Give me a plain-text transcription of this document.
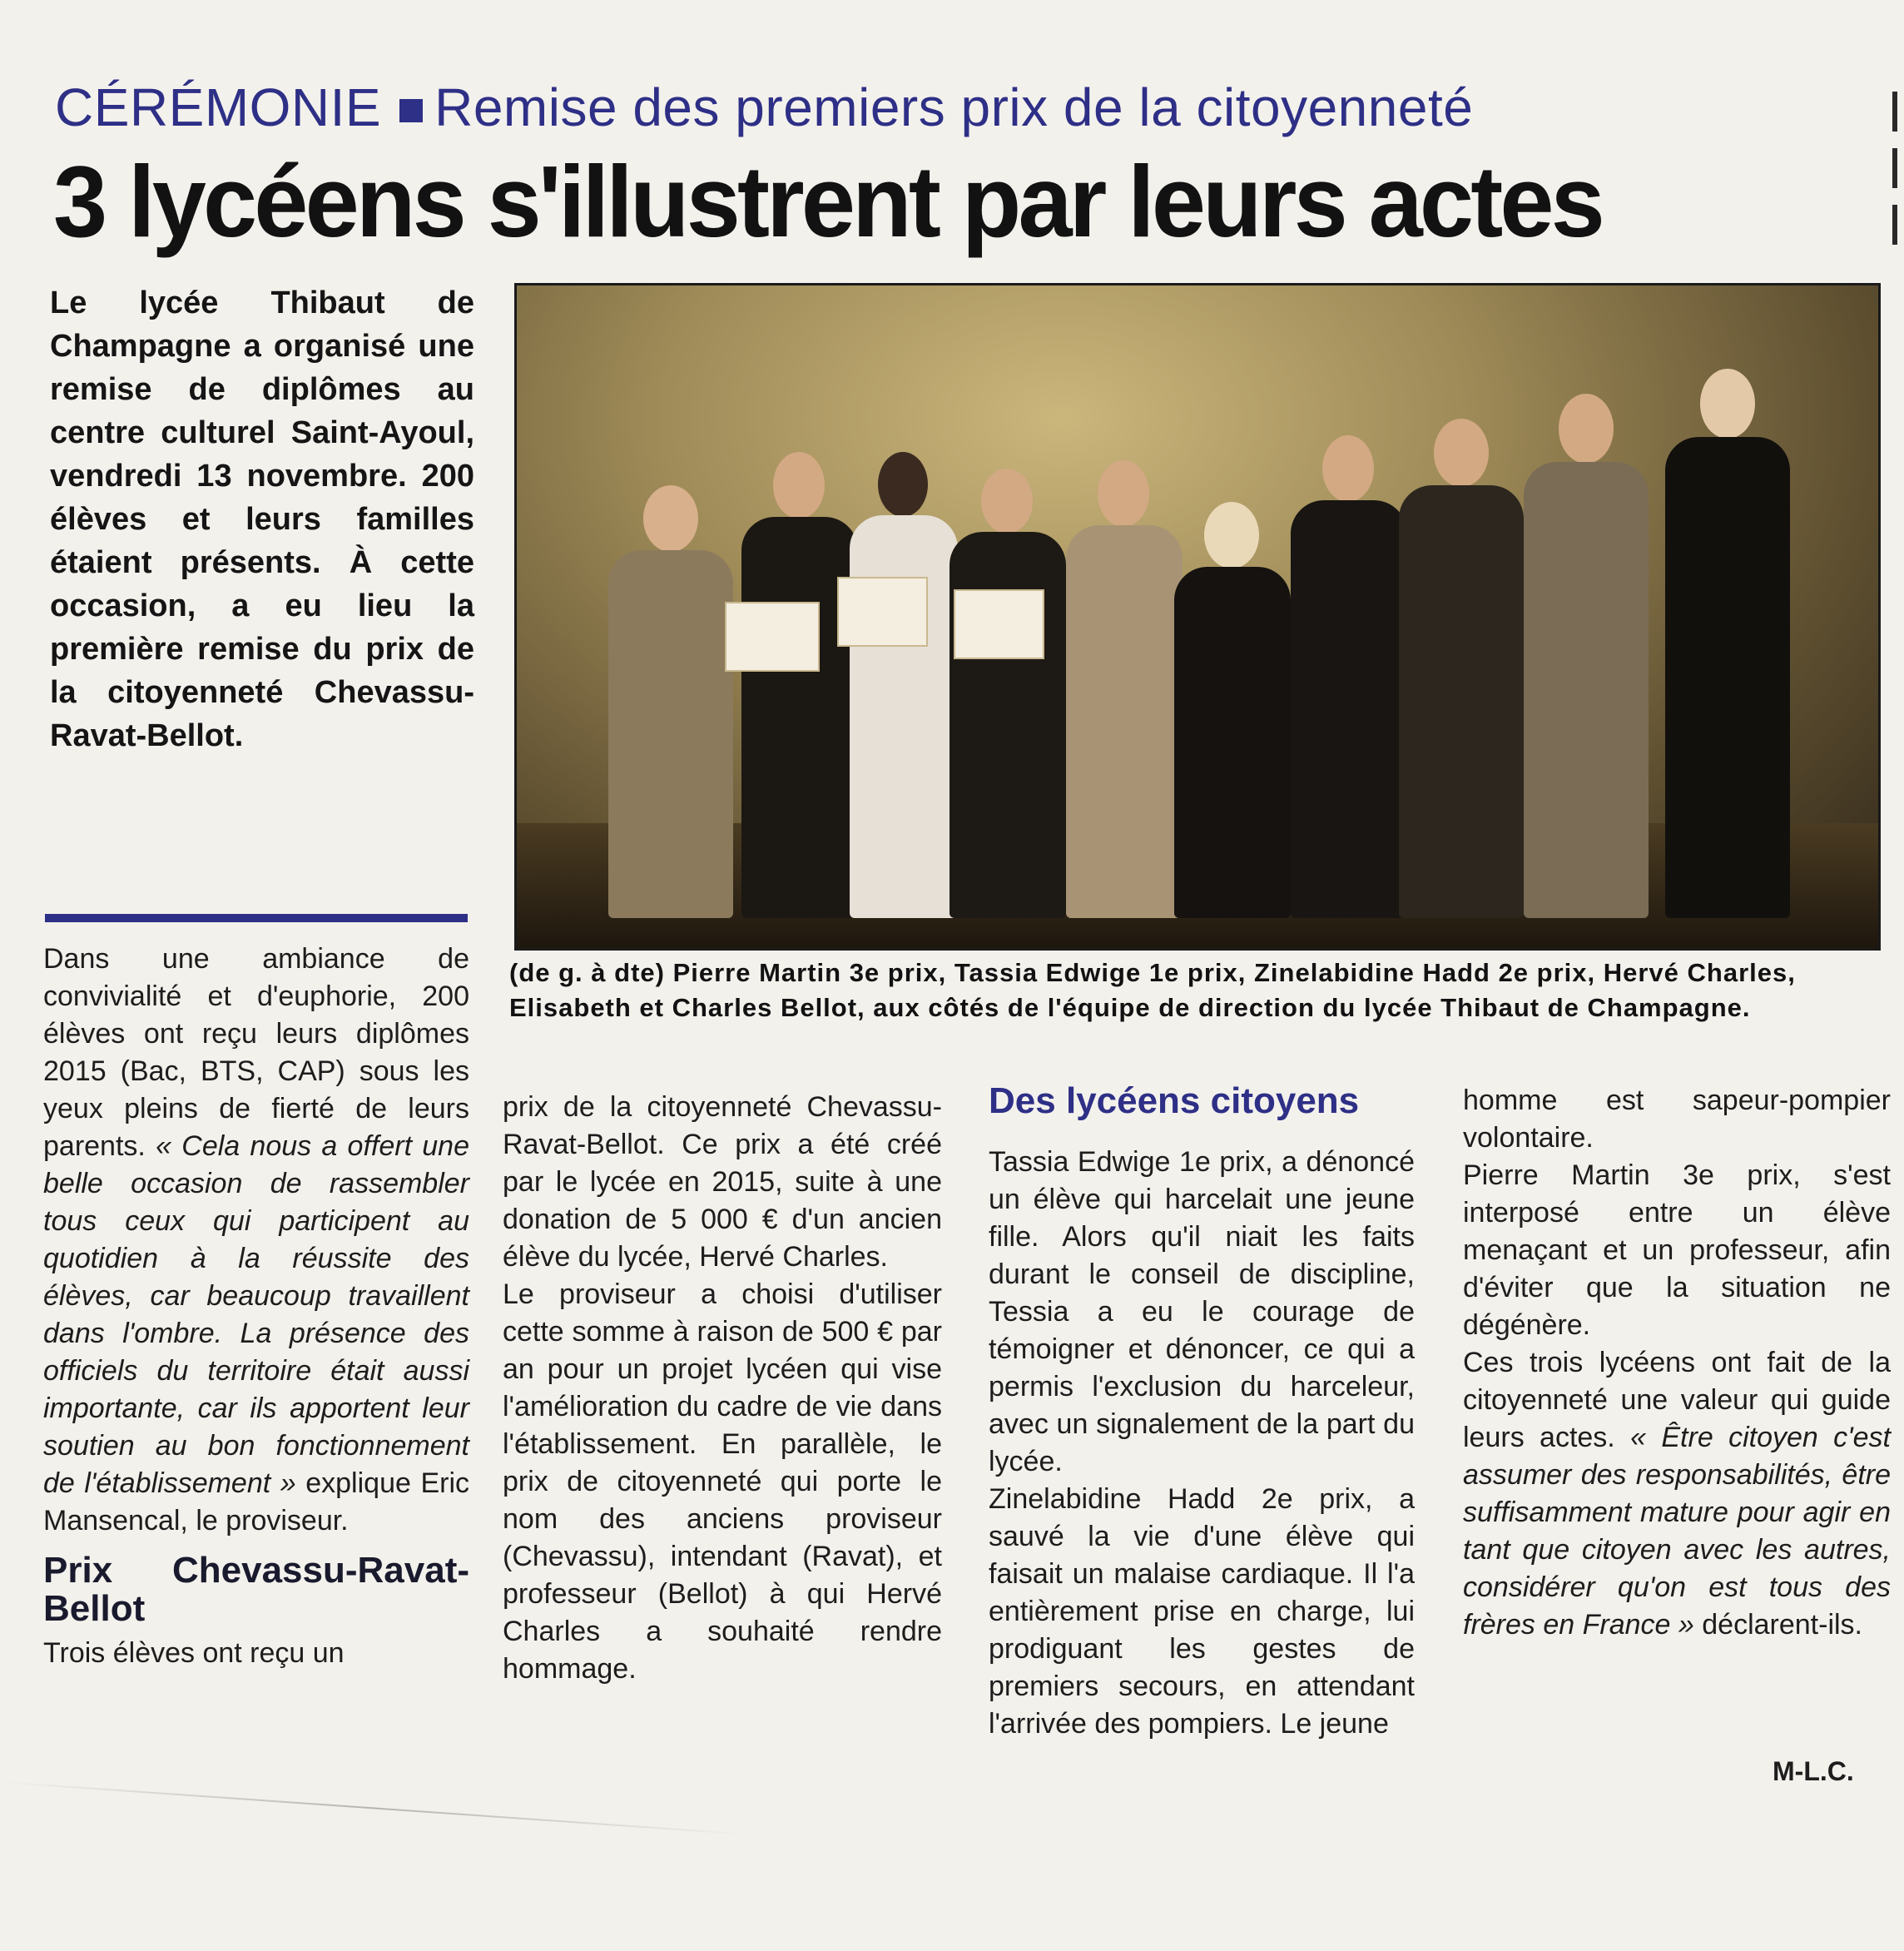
CÉRÉMONIE Remise des premiers prix de la citoyenneté
3 lycéens s'illustrent par leurs actes
Le lycée Thibaut de Champagne a organisé une remise de diplômes au centre culturel Saint-Ayoul, vendredi 13 novembre. 200 élèves et leurs familles étaient présents. À cette occasion, a eu lieu la première remise du prix de la citoyenneté Chevassu-Ravat-Bellot.
(de g. à dte) Pierre Martin 3e prix, Tassia Edwige 1e prix, Zinelabidine Hadd 2e prix, Hervé Charles, Elisabeth et Charles Bellot, aux côtés de l'équipe de direction du lycée Thibaut de Champagne.

Dans une ambiance de convivialité et d'euphorie, 200 élèves ont reçu leurs diplômes 2015 (Bac, BTS, CAP) sous les yeux pleins de fierté de leurs parents. « Cela nous a offert une belle occasion de rassembler tous ceux qui participent au quotidien à la réussite des élèves, car beaucoup travaillent dans l'ombre. La présence des officiels du territoire était aussi importante, car ils apportent leur soutien au bon fonctionnement de l'établissement » explique Eric Mansencal, le proviseur.

Prix Chevassu-Ravat-Bellot

Trois élèves ont reçu un

prix de la citoyenneté Chevassu-Ravat-Bellot. Ce prix a été créé par le lycée en 2015, suite à une donation de 5 000 € d'un ancien élève du lycée, Hervé Charles.

Le proviseur a choisi d'utiliser cette somme à raison de 500 € par an pour un projet lycéen qui vise l'amélioration du cadre de vie dans l'établissement. En parallèle, le prix de citoyenneté qui porte le nom des anciens proviseur (Chevassu), intendant (Ravat), et professeur (Bellot) à qui Hervé Charles a souhaité rendre hommage.

Des lycéens citoyens

Tassia Edwige 1e prix, a dénoncé un élève qui harcelait une jeune fille. Alors qu'il niait les faits durant le conseil de discipline, Tessia a eu le courage de témoigner et dénoncer, ce qui a permis l'exclusion du harceleur, avec un signalement de la part du lycée.

Zinelabidine Hadd 2e prix, a sauvé la vie d'une élève qui faisait un malaise cardiaque. Il l'a entièrement prise en charge, lui prodiguant les gestes de premiers secours, en attendant l'arrivée des pompiers. Le jeune

homme est sapeur-pompier volontaire.

Pierre Martin 3e prix, s'est interposé entre un élève menaçant et un professeur, afin d'éviter que la situation ne dégénère.

Ces trois lycéens ont fait de la citoyenneté une valeur qui guide leurs actes. « Être citoyen c'est assumer des responsabilités, être suffisamment mature pour agir en tant que citoyen avec les autres, considérer qu'on est tous des frères en France » déclarent-ils.

M-L.C.
